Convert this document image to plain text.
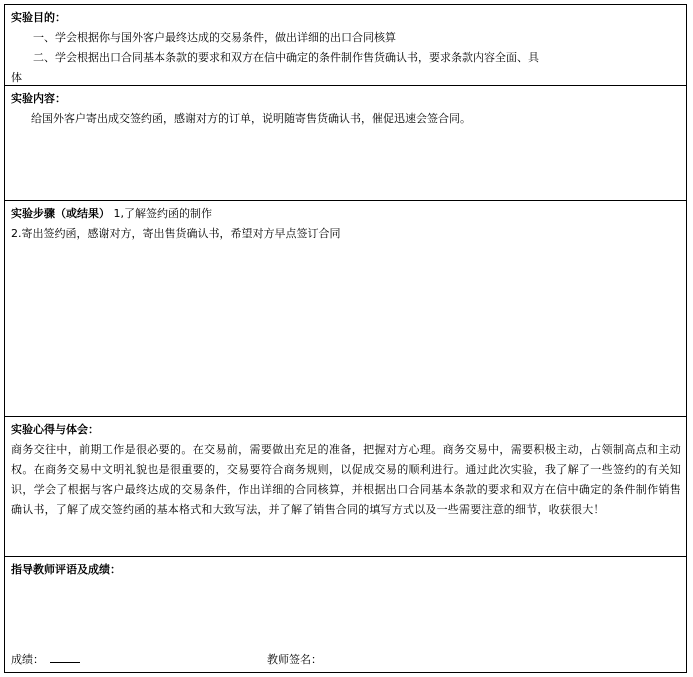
实验目的：
一、学会根据你与国外客户最终达成的交易条件，做出详细的出口合同核算
二、学会根据出口合同基本条款的要求和双方在信中确定的条件制作售货确认书，要求条款内容全面、具
体
实验内容：
给国外客户寄出成交签约函，感谢对方的订单，说明随寄售货确认书，催促迅速会签合同。
实验步骤（或结果） 1,了解签约函的制作
2.寄出签约函，感谢对方，寄出售货确认书，希望对方早点签订合同
实验心得与体会：
商务交往中，前期工作是很必要的。在交易前，需要做出充足的准备，把握对方心理。商务交易中，需要积极主动，占领制高点和主动权。在商务交易中文明礼貌也是很重要的，交易要符合商务规则，以促成交易的顺利进行。通过此次实验，我了解了一些签约的有关知识，学会了根据与客户最终达成的交易条件，作出详细的合同核算，并根据出口合同基本条款的要求和双方在信中确定的条件制作销售确认书，了解了成交签约函的基本格式和大致写法，并了解了销售合同的填写方式以及一些需要注意的细节，收获很大！
指导教师评语及成绩：
成绩：	教师签名：
